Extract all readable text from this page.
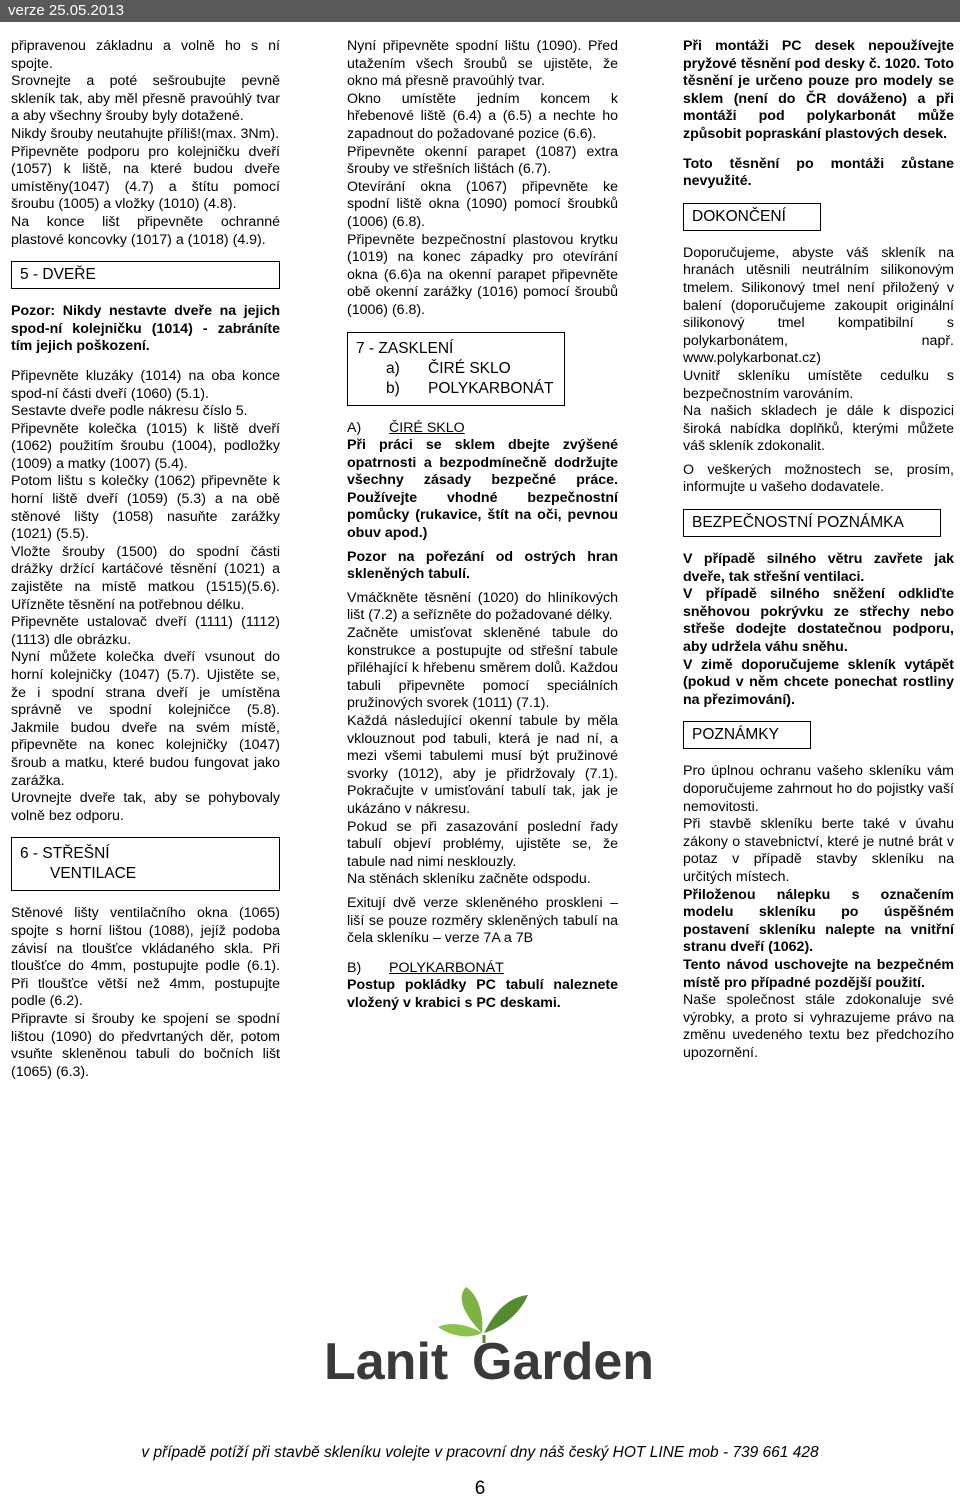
verze 25.05.2013

připravenou základnu a volně ho s ní spojte.

Srovnejte a poté sešroubujte pevně skleník tak, aby měl přesně pravoúhlý tvar a aby všechny šrouby byly dotažené.

Nikdy šrouby neutahujte příliš!(max. 3Nm).

Připevněte podporu pro kolejničku dveří (1057) k liště, na které budou dveře umístěny(1047) (4.7) a štítu pomocí šroubu (1005) a vložky (1010) (4.8).

Na konce lišt připevněte ochranné plastové koncovky (1017) a (1018) (4.9).

5 - DVEŘE

Pozor: Nikdy nestavte dveře na jejich spod-ní kolejničku (1014) - zabráníte tím jejich poškození.

Připevněte kluzáky (1014) na oba konce spod-ní části dveří (1060) (5.1).

Sestavte dveře podle nákresu číslo 5.

Připevněte kolečka (1015) k liště dveří (1062) použitím šroubu (1004), podložky (1009) a matky (1007) (5.4).

Potom lištu s kolečky (1062) připevněte k horní liště dveří (1059) (5.3) a na obě stěnové lišty (1058) nasuňte zarážky (1021) (5.5).

Vložte šrouby (1500) do spodní části drážky držící kartáčové těsnění (1021) a zajistěte na místě matkou (1515)(5.6). Uřízněte těsnění na potřebnou délku.

Připevněte ustalovač dveří (1111) (1112) (1113) dle obrázku.

Nyní můžete kolečka dveří vsunout do horní kolejničky (1047) (5.7). Ujistěte se, že i spodní strana dveří je umístěna správně ve spodní kolejničce (5.8). Jakmile budou dveře na svém místě, připevněte na konec kolejničky (1047) šroub a matku, které budou fungovat jako zarážka.

Urovnejte dveře tak, aby se pohybovaly volně bez odporu.

6 - STŘEŠNÍ
VENTILACE

Stěnové lišty ventilačního okna (1065) spojte s horní lištou (1088), jejíž podoba závisí na tloušťce vkládaného skla. Při tloušťce do 4mm, postupujte podle (6.1). Při tloušťce větší než 4mm, postupujte podle (6.2).

Připravte si šrouby ke spojení se spodní lištou (1090) do předvrtaných děr, potom vsuňte skleněnou tabuli do bočních lišt (1065) (6.3).

Nyní připevněte spodní lištu (1090). Před utažením všech šroubů se ujistěte, že okno má přesně pravoúhlý tvar.

Okno umístěte jedním koncem k hřebenové liště (6.4) a (6.5) a nechte ho zapadnout do požadované pozice (6.6).

Připevněte okenní parapet (1087) extra šrouby ve střešních lištách (6.7).

Otevírání okna (1067) připevněte ke spodní liště okna (1090) pomocí šroubků (1006) (6.8).

Připevněte bezpečnostní plastovou krytku (1019) na konec západky pro otevírání okna (6.6)a na okenní parapet připevněte obě okenní zarážky (1016) pomocí šroubů (1006) (6.8).

7 - ZASKLENÍ
a) ČIRÉ SKLO
b) POLYKARBONÁT

A) ČIRÉ SKLO

Při práci se sklem dbejte zvýšené opatrnosti a bezpodmínečně dodržujte všechny zásady bezpečné práce. Používejte vhodné bezpečnostní pomůcky (rukavice, štít na oči, pevnou obuv apod.)

Pozor na pořezání od ostrých hran skleněných tabulí.

Vmáčkněte těsnění (1020) do hliníkových lišt (7.2) a seřízněte do požadované délky.

Začněte umisťovat skleněné tabule do konstrukce a postupujte od střešní tabule přiléhající k hřebenu směrem dolů. Každou tabuli připevněte pomocí speciálních pružinových svorek (1011) (7.1).

Každá následující okenní tabule by měla vklouznout pod tabuli, která je nad ní, a mezi všemi tabulemi musí být pružinové svorky (1012), aby je přidržovaly (7.1). Pokračujte v umisťování tabulí tak, jak je ukázáno v nákresu.

Pokud se při zasazování poslední řady tabulí objeví problémy, ujistěte se, že tabule nad nimi nesklouzly.

Na stěnách skleníku začněte odspodu.

Exitují dvě verze skleněného proskleni – liší se pouze rozměry skleněných tabulí na čela skleníku – verze 7A a 7B

B) POLYKARBONÁT

Postup pokládky PC tabulí naleznete vložený v krabici s PC deskami.

Při montáži PC desek nepoužívejte pryžové těsnění pod desky č. 1020. Toto těsnění je určeno pouze pro modely se sklem (není do ČR dováženo) a při montáži pod polykarbonát může způsobit popraskání plastových desek.

Toto těsnění po montáži zůstane nevyužité.

DOKONČENÍ

Doporučujeme, abyste váš skleník na hranách utěsnili neutrálním silikonovým tmelem. Silikonový tmel není přiložený v balení (doporučujeme zakoupit originální silikonový tmel kompatibilní s polykarbonátem, např. www.polykarbonat.cz)

Uvnitř skleníku umístěte cedulku s bezpečnostním varováním.

Na našich skladech je dále k dispozici široká nabídka doplňků, kterými můžete váš skleník zdokonalit.

O veškerých možnostech se, prosím, informujte u vašeho dodavatele.

BEZPEČNOSTNÍ POZNÁMKA

V případě silného větru zavřete jak dveře, tak střešní ventilaci.

V případě silného sněžení odkliďte sněhovou pokrývku ze střechy nebo střeše dodejte dostatečnou podporu, aby udržela váhu sněhu.

V zimě doporučujeme skleník vytápět (pokud v něm chcete ponechat rostliny na přezimování).

POZNÁMKY

Pro úplnou ochranu vašeho skleníku vám doporučujeme zahrnout ho do pojistky vaší nemovitosti.

Při stavbě skleníku berte také v úvahu zákony o stavebnictví, které je nutné brát v potaz v případě stavby skleníku na určitých místech.

Přiloženou nálepku s označením modelu skleníku po úspěšném postavení skleníku nalepte na vnitřní stranu dveří (1062).

Tento návod uschovejte na bezpečném místě pro případné pozdější použití.

Naše společnost stále zdokonaluje své výrobky, a proto si vyhrazujeme právo na změnu uvedeného textu bez předchozího upozornění.

Lanit Garden
v případě potíží při stavbě skleníku volejte v pracovní dny náš český HOT LINE mob - 739 661 428
6
